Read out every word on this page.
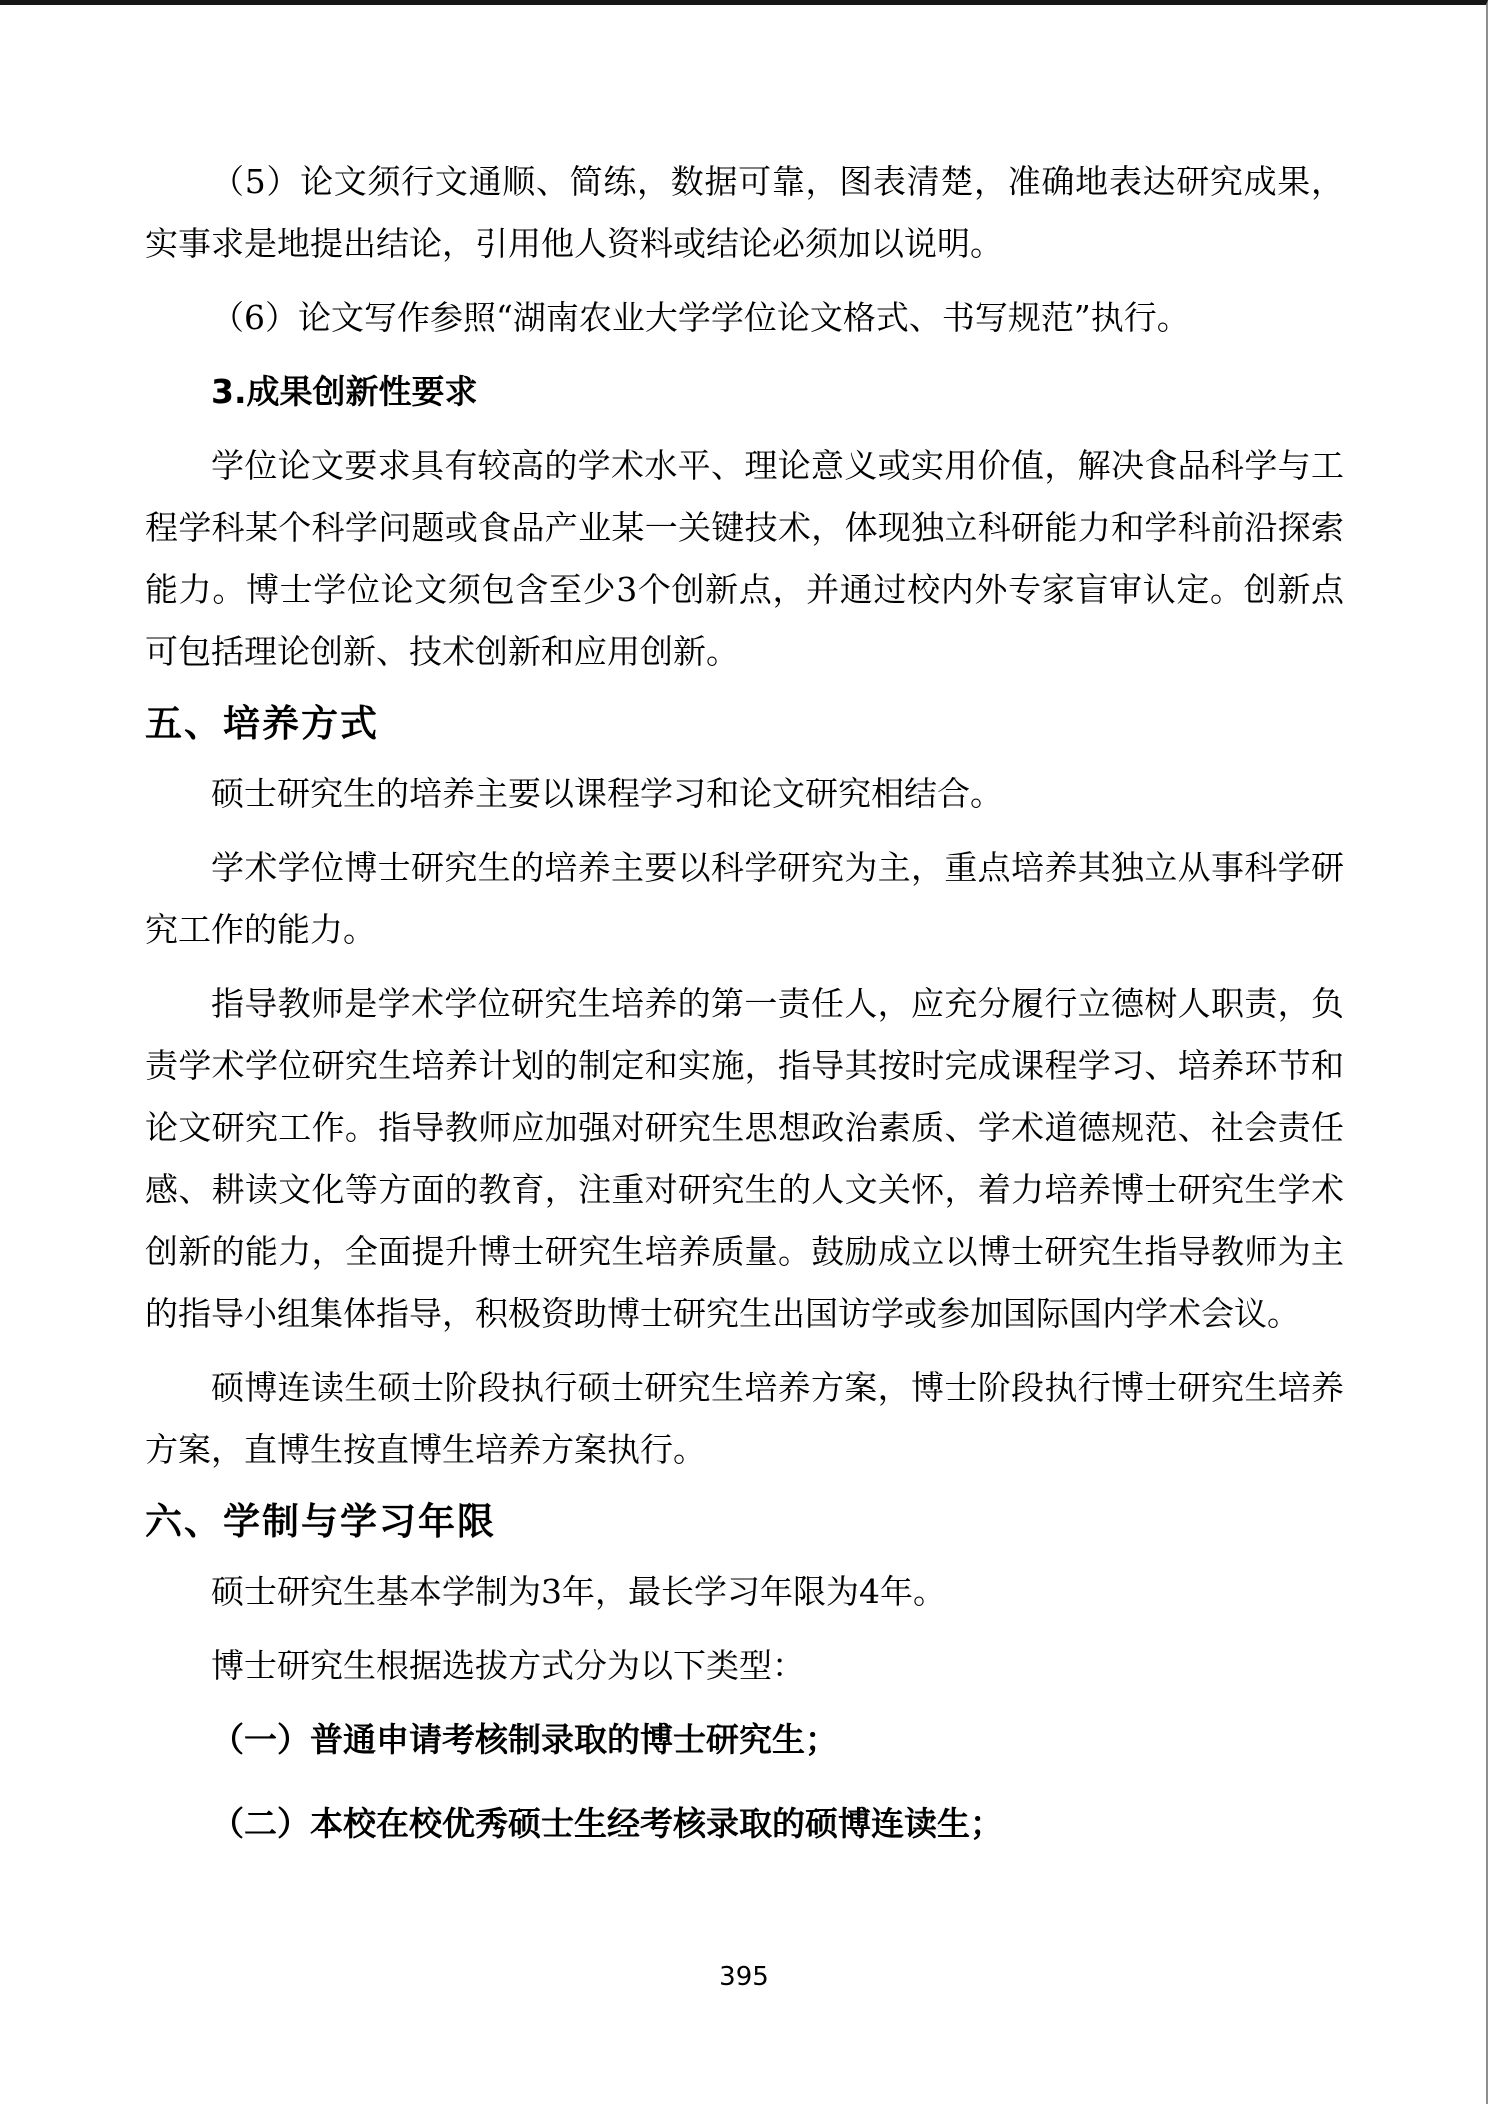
（5）论文须行文通顺、简练，数据可靠，图表清楚，准确地表达研究成果，实事求是地提出结论，引用他人资料或结论必须加以说明。

（6）论文写作参照“湖南农业大学学位论文格式、书写规范”执行。

3.成果创新性要求

学位论文要求具有较高的学术水平、理论意义或实用价值，解决食品科学与工程学科某个科学问题或食品产业某一关键技术，体现独立科研能力和学科前沿探索能力。博士学位论文须包含至少3个创新点，并通过校内外专家盲审认定。创新点可包括理论创新、技术创新和应用创新。

五、培养方式

硕士研究生的培养主要以课程学习和论文研究相结合。

学术学位博士研究生的培养主要以科学研究为主，重点培养其独立从事科学研究工作的能力。

指导教师是学术学位研究生培养的第一责任人，应充分履行立德树人职责，负责学术学位研究生培养计划的制定和实施，指导其按时完成课程学习、培养环节和论文研究工作。指导教师应加强对研究生思想政治素质、学术道德规范、社会责任感、耕读文化等方面的教育，注重对研究生的人文关怀，着力培养博士研究生学术创新的能力，全面提升博士研究生培养质量。鼓励成立以博士研究生指导教师为主的指导小组集体指导，积极资助博士研究生出国访学或参加国际国内学术会议。

硕博连读生硕士阶段执行硕士研究生培养方案，博士阶段执行博士研究生培养方案，直博生按直博生培养方案执行。

六、学制与学习年限

硕士研究生基本学制为3年，最长学习年限为4年。

博士研究生根据选拔方式分为以下类型：

（一）普通申请考核制录取的博士研究生；

（二）本校在校优秀硕士生经考核录取的硕博连读生；

395
